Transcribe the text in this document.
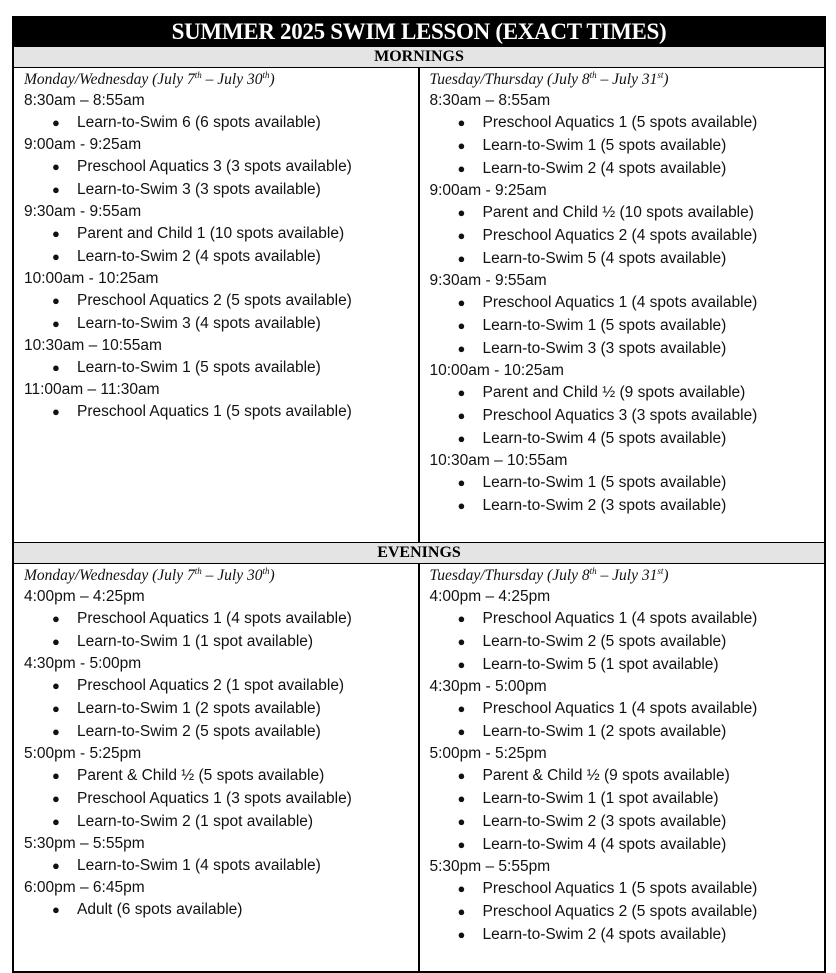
SUMMER 2025 SWIM LESSON (EXACT TIMES)
MORNINGS
Monday/Wednesday (July 7th – July 30th)
8:30am – 8:55am
● Learn-to-Swim 6 (6 spots available)
9:00am - 9:25am
● Preschool Aquatics 3 (3 spots available)
● Learn-to-Swim 3 (3 spots available)
9:30am - 9:55am
● Parent and Child 1 (10 spots available)
● Learn-to-Swim 2 (4 spots available)
10:00am - 10:25am
● Preschool Aquatics 2 (5 spots available)
● Learn-to-Swim 3 (4 spots available)
10:30am – 10:55am
● Learn-to-Swim 1 (5 spots available)
11:00am – 11:30am
● Preschool Aquatics 1 (5 spots available)
Tuesday/Thursday (July 8th – July 31st)
8:30am – 8:55am
● Preschool Aquatics 1 (5 spots available)
● Learn-to-Swim 1 (5 spots available)
● Learn-to-Swim 2 (4 spots available)
9:00am - 9:25am
● Parent and Child ½ (10 spots available)
● Preschool Aquatics 2 (4 spots available)
● Learn-to-Swim 5 (4 spots available)
9:30am - 9:55am
● Preschool Aquatics 1 (4 spots available)
● Learn-to-Swim 1 (5 spots available)
● Learn-to-Swim 3 (3 spots available)
10:00am - 10:25am
● Parent and Child ½ (9 spots available)
● Preschool Aquatics 3 (3 spots available)
● Learn-to-Swim 4 (5 spots available)
10:30am – 10:55am
● Learn-to-Swim 1 (5 spots available)
● Learn-to-Swim 2 (3 spots available)
EVENINGS
Monday/Wednesday (July 7th – July 30th)
4:00pm – 4:25pm
● Preschool Aquatics 1 (4 spots available)
● Learn-to-Swim 1 (1 spot available)
4:30pm - 5:00pm
● Preschool Aquatics 2 (1 spot available)
● Learn-to-Swim 1 (2 spots available)
● Learn-to-Swim 2 (5 spots available)
5:00pm - 5:25pm
● Parent & Child ½ (5 spots available)
● Preschool Aquatics 1 (3 spots available)
● Learn-to-Swim 2 (1 spot available)
5:30pm – 5:55pm
● Learn-to-Swim 1 (4 spots available)
6:00pm – 6:45pm
● Adult (6 spots available)
Tuesday/Thursday (July 8th – July 31st)
4:00pm – 4:25pm
● Preschool Aquatics 1 (4 spots available)
● Learn-to-Swim 2 (5 spots available)
● Learn-to-Swim 5 (1 spot available)
4:30pm - 5:00pm
● Preschool Aquatics 1 (4 spots available)
● Learn-to-Swim 1 (2 spots available)
5:00pm - 5:25pm
● Parent & Child ½ (9 spots available)
● Learn-to-Swim 1 (1 spot available)
● Learn-to-Swim 2 (3 spots available)
● Learn-to-Swim 4 (4 spots available)
5:30pm – 5:55pm
● Preschool Aquatics 1 (5 spots available)
● Preschool Aquatics 2 (5 spots available)
● Learn-to-Swim 2 (4 spots available)
